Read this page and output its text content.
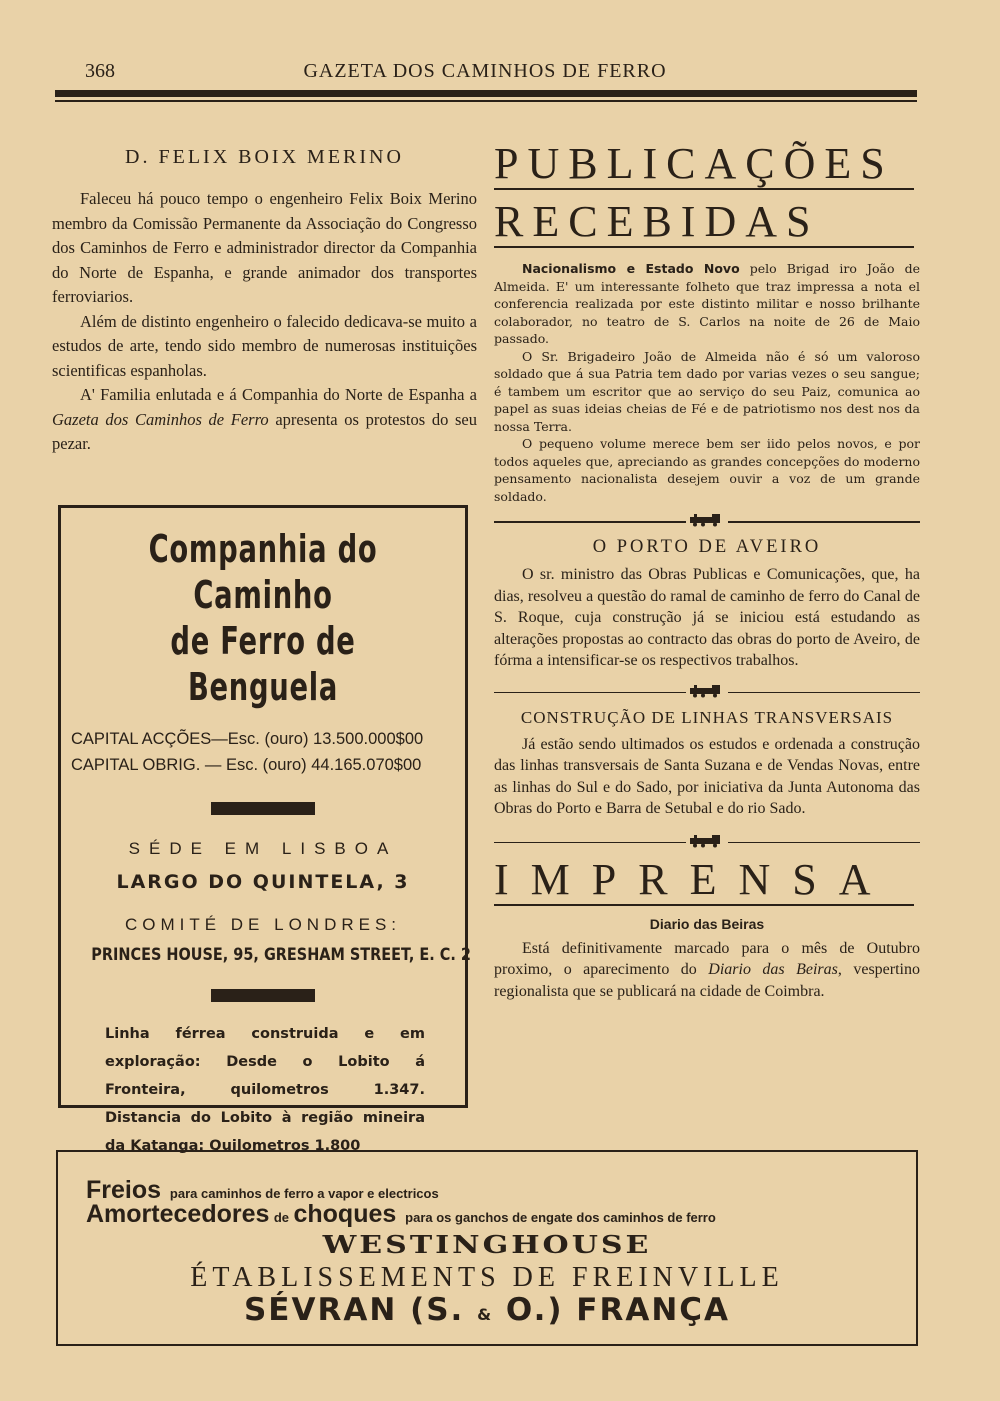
368	GAZETA DOS CAMINHOS DE FERRO
D. FELIX BOIX MERINO

Faleceu há pouco tempo o engenheiro Felix Boix Merino membro da Comissão Permanente da Associação do Congresso dos Caminhos de Ferro e administrador director da Companhia do Norte de Espanha, e grande animador dos transportes ferroviarios.

Além de distinto engenheiro o falecido dedicava-se muito a estudos de arte, tendo sido membro de numerosas instituições scientificas espanholas.

A' Familia enlutada e á Companhia do Norte de Espanha a Gazeta dos Caminhos de Ferro apresenta os protestos do seu pezar.

Companhia do Caminho
de Ferro de Benguela
CAPITAL ACÇÕES—Esc. (ouro) 13.500.000$00
CAPITAL OBRIG. — Esc. (ouro) 44.165.070$00
SÉDE EM LISBOA
LARGO DO QUINTELA, 3
COMITÉ DE LONDRES:
PRINCES HOUSE, 95, GRESHAM STREET, E. C. 2
Linha férrea construida e em exploração: Desde o Lobito á Fronteira, quilometros 1.347. Distancia do Lobito à região mineira da Katanga: Quilometros 1.800
PUBLICAÇÕES
RECEBIDAS

Nacionalismo e Estado Novo pelo Brigad iro João de Almeida. E' um interessante folheto que traz impressa a nota el conferencia realizada por este distinto militar e nosso brilhante colaborador, no teatro de S. Carlos na noite de 26 de Maio passado.

O Sr. Brigadeiro João de Almeida não é só um valoroso soldado que á sua Patria tem dado por varias vezes o seu sangue; é tambem um escritor que ao serviço do seu Paiz, comunica ao papel as suas ideias cheias de Fé e de patriotismo nos dest nos da nossa Terra.

O pequeno volume merece bem ser iido pelos novos, e por todos aqueles que, apreciando as grandes concepções do moderno pensamento nacionalista desejem ouvir a voz de um grande soldado.

O PORTO DE AVEIRO

O sr. ministro das Obras Publicas e Comunicações, que, ha dias, resolveu a questão do ramal de caminho de ferro do Canal de S. Roque, cuja construção já se iniciou está estudando as alterações propostas ao contracto das obras do porto de Aveiro, de fórma a intensificar-se os respectivos trabalhos.

CONSTRUÇÃO DE LINHAS TRANSVERSAIS

Já estão sendo ultimados os estudos e ordenada a construção das linhas transversais de Santa Suzana e de Vendas Novas, entre as linhas do Sul e do Sado, por iniciativa da Junta Autonoma das Obras do Porto e Barra de Setubal e do rio Sado.

IMPRENSA
Diario das Beiras

Está definitivamente marcado para o mês de Outubro proximo, o aparecimento do Diario das Beiras, vespertino regionalista que se publicará na cidade de Coimbra.

Freios para caminhos de ferro a vapor e electricos
Amortecedores de choques para os ganchos de engate dos caminhos de ferro
WESTINGHOUSE
ÉTABLISSEMENTS DE FREINVILLE
SÉVRAN (S. & O.) FRANÇA
